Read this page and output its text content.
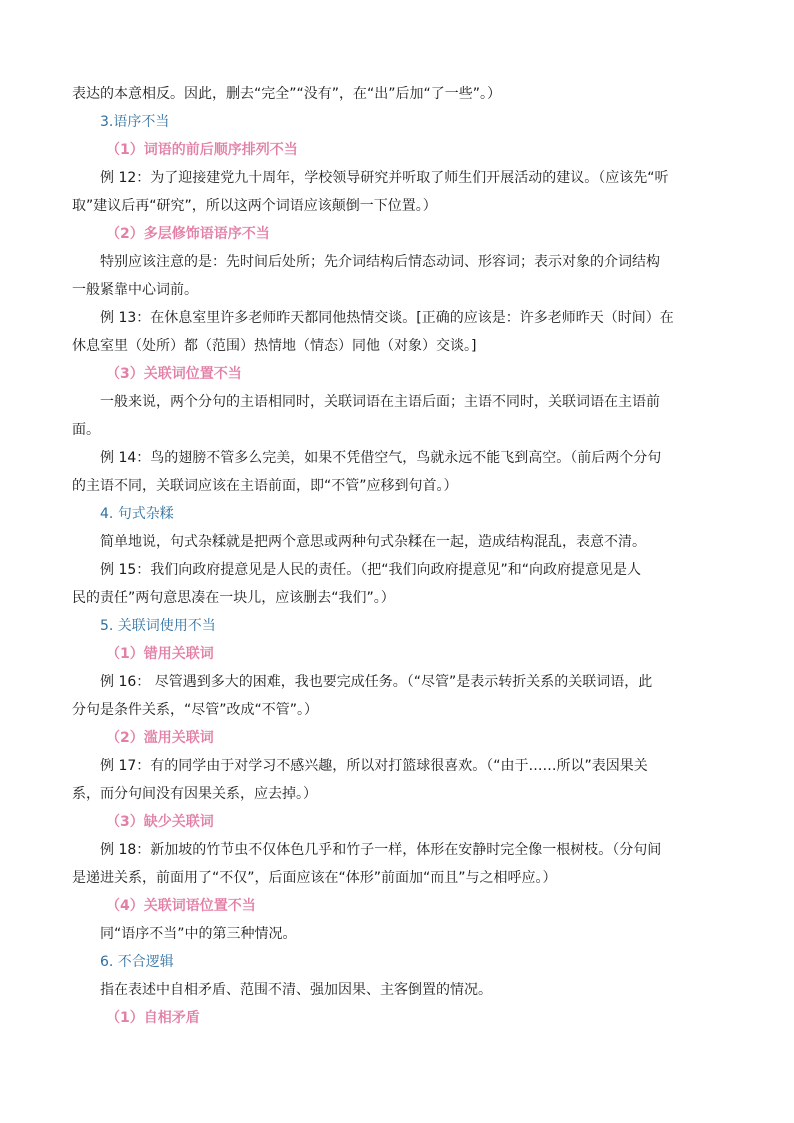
表达的本意相反。因此，删去“完全”“没有”，在“出”后加“了一些”。）
3.语序不当
（1）词语的前后顺序排列不当
例 12：为了迎接建党九十周年，学校领导研究并听取了师生们开展活动的建议。（应该先“听
取”建议后再“研究”，所以这两个词语应该颠倒一下位置。）
（2）多层修饰语语序不当
特别应该注意的是：先时间后处所；先介词结构后情态动词、形容词；表示对象的介词结构
一般紧靠中心词前。
例 13：在休息室里许多老师昨天都同他热情交谈。[正确的应该是：许多老师昨天（时间）在
休息室里（处所）都（范围）热情地（情态）同他（对象）交谈。]
（3）关联词位置不当
一般来说，两个分句的主语相同时，关联词语在主语后面；主语不同时，关联词语在主语前
面。
例 14：鸟的翅膀不管多么完美，如果不凭借空气，鸟就永远不能飞到高空。（前后两个分句
的主语不同，关联词应该在主语前面，即“不管”应移到句首。）
4. 句式杂糅
简单地说，句式杂糅就是把两个意思或两种句式杂糅在一起，造成结构混乱，表意不清。
例 15：我们向政府提意见是人民的责任。（把“我们向政府提意见”和“向政府提意见是人
民的责任”两句意思凑在一块儿，应该删去“我们”。）
5. 关联词使用不当
（1）错用关联词
例 16： 尽管遇到多大的困难，我也要完成任务。（“尽管”是表示转折关系的关联词语，此
分句是条件关系，“尽管”改成“不管”。）
（2）滥用关联词
例 17：有的同学由于对学习不感兴趣，所以对打篮球很喜欢。（“由于……所以”表因果关
系，而分句间没有因果关系，应去掉。）
（3）缺少关联词
例 18：新加坡的竹节虫不仅体色几乎和竹子一样，体形在安静时完全像一根树枝。（分句间
是递进关系，前面用了“不仅”，后面应该在“体形”前面加“而且”与之相呼应。）
（4）关联词语位置不当
同“语序不当”中的第三种情况。
6. 不合逻辑
指在表述中自相矛盾、范围不清、强加因果、主客倒置的情况。
（1）自相矛盾
